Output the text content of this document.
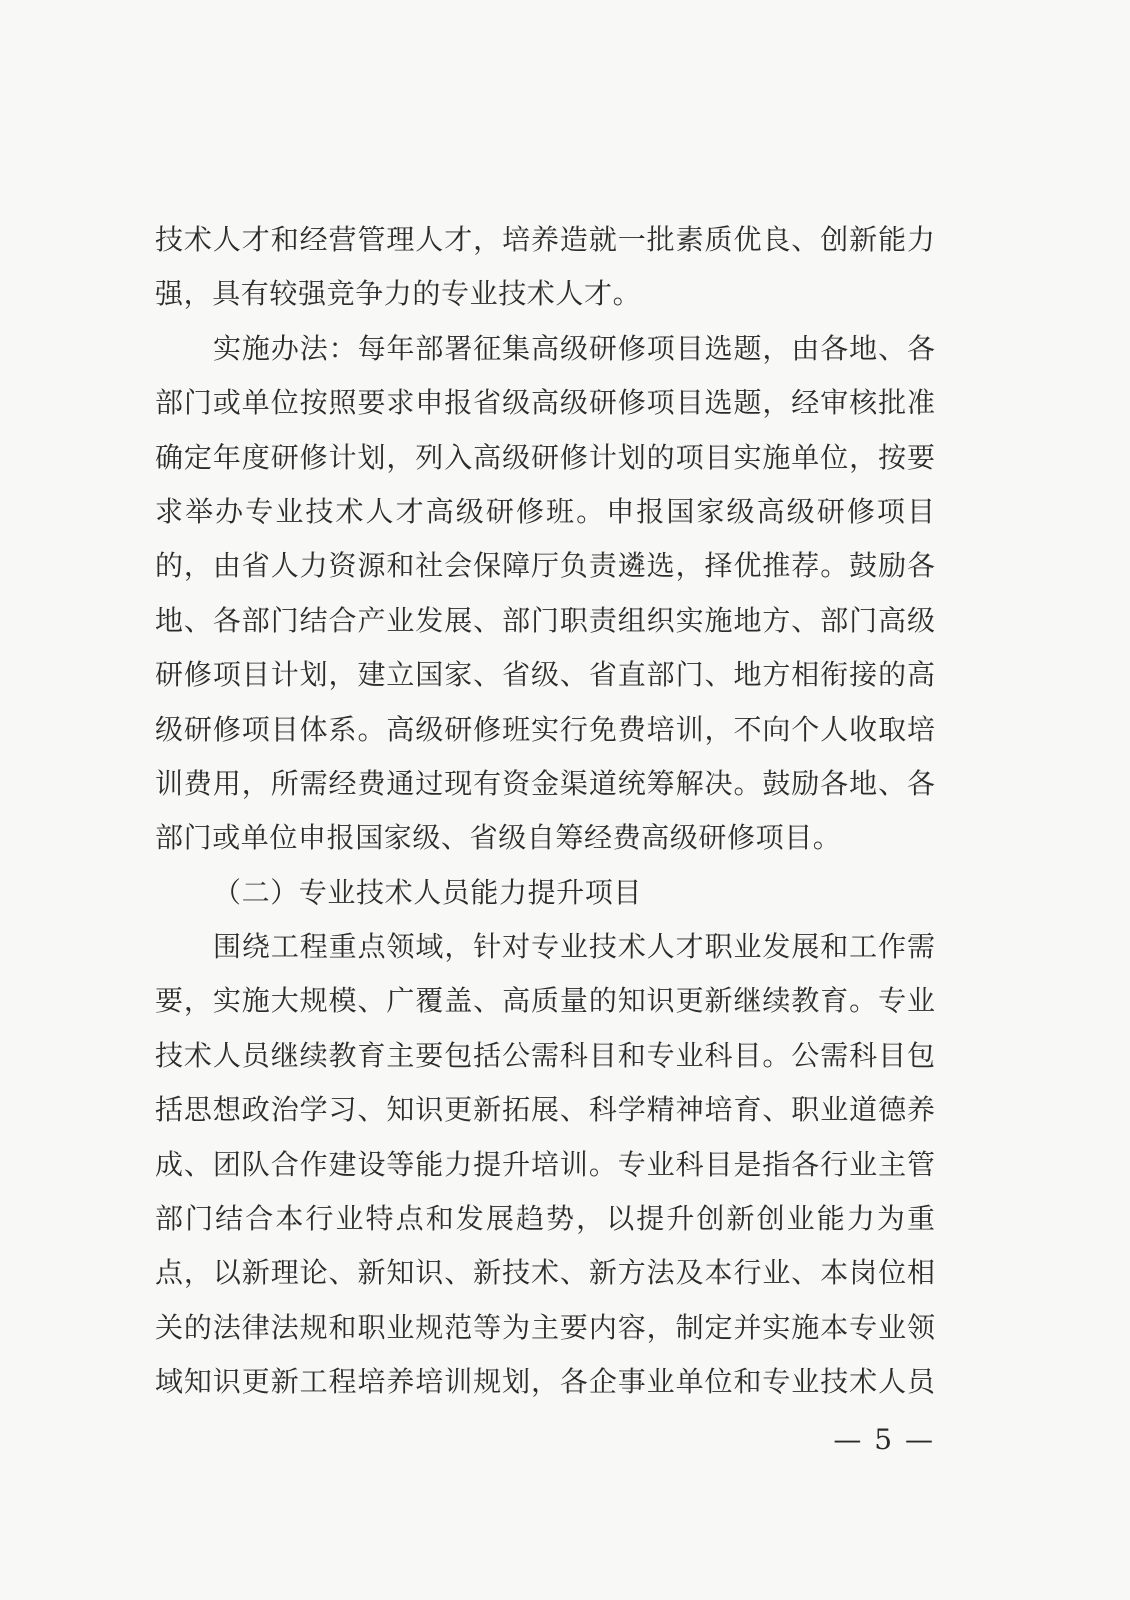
技术人才和经营管理人才，培养造就一批素质优良、创新能力
强，具有较强竞争力的专业技术人才。
实施办法：每年部署征集高级研修项目选题，由各地、各
部门或单位按照要求申报省级高级研修项目选题，经审核批准
确定年度研修计划，列入高级研修计划的项目实施单位，按要
求举办专业技术人才高级研修班。申报国家级高级研修项目
的，由省人力资源和社会保障厅负责遴选，择优推荐。鼓励各
地、各部门结合产业发展、部门职责组织实施地方、部门高级
研修项目计划，建立国家、省级、省直部门、地方相衔接的高
级研修项目体系。高级研修班实行免费培训，不向个人收取培
训费用，所需经费通过现有资金渠道统筹解决。鼓励各地、各
部门或单位申报国家级、省级自筹经费高级研修项目。
（二）专业技术人员能力提升项目
围绕工程重点领域，针对专业技术人才职业发展和工作需
要，实施大规模、广覆盖、高质量的知识更新继续教育。专业
技术人员继续教育主要包括公需科目和专业科目。公需科目包
括思想政治学习、知识更新拓展、科学精神培育、职业道德养
成、团队合作建设等能力提升培训。专业科目是指各行业主管
部门结合本行业特点和发展趋势，以提升创新创业能力为重
点，以新理论、新知识、新技术、新方法及本行业、本岗位相
关的法律法规和职业规范等为主要内容，制定并实施本专业领
域知识更新工程培养培训规划，各企事业单位和专业技术人员
— 5 —
